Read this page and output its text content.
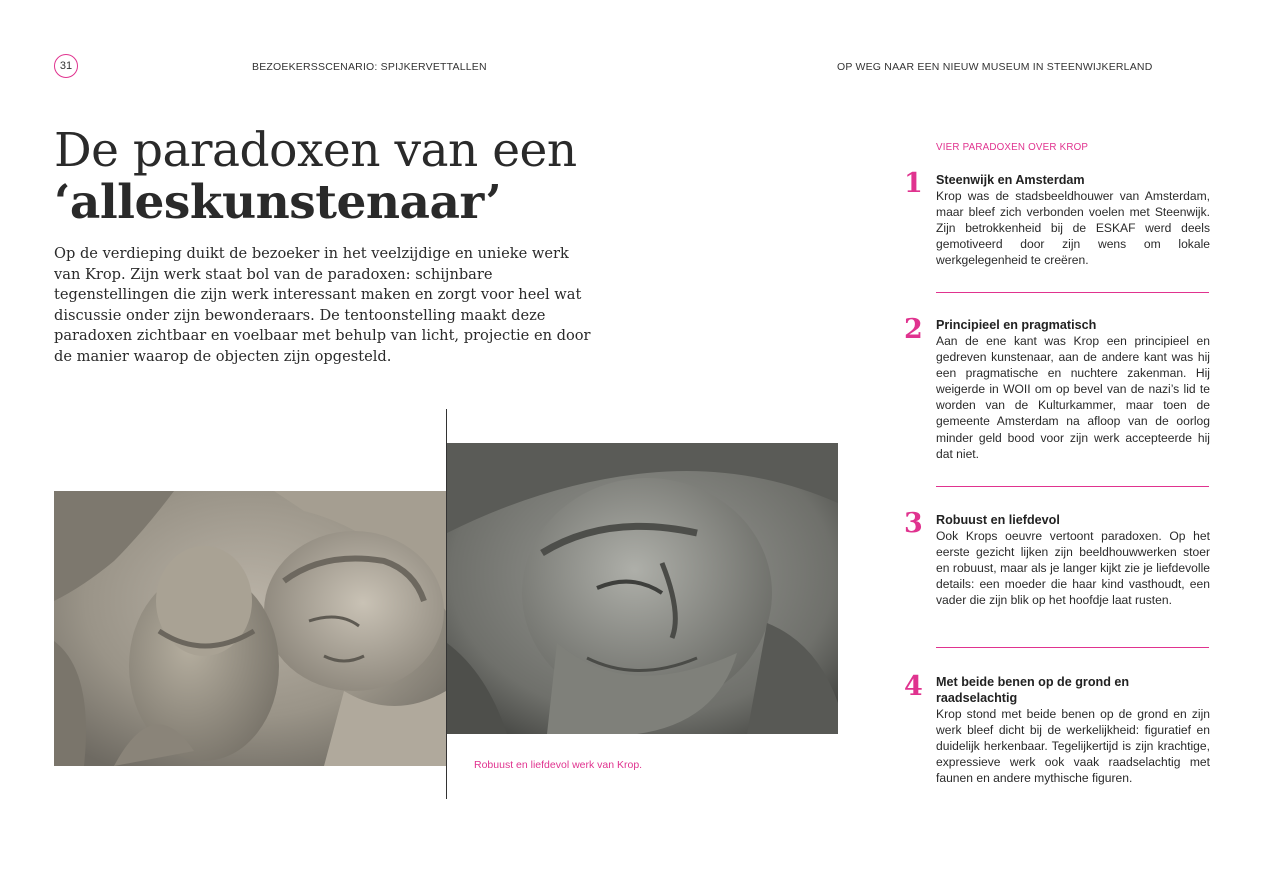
31	BEZOEKERSSCENARIO: SPIJKERVETTALLEN	OP WEG NAAR EEN NIEUW MUSEUM IN STEENWIJKERLAND
De paradoxen van een
‘alleskunstenaar’

Op de verdieping duikt de bezoeker in het veelzijdige en unieke werk van Krop. Zijn werk staat bol van de paradoxen: schijnbare tegenstellingen die zijn werk interessant maken en zorgt voor heel wat discussie onder zijn bewonderaars. De tentoonstelling maakt deze paradoxen zichtbaar en voelbaar met behulp van licht, projectie en door de manier waarop de objecten zijn opgesteld.

Robuust en liefdevol werk van Krop.
VIER PARADOXEN OVER KROP
1 Steenwijk en Amsterdam

Krop was de stadsbeeldhouwer van Amsterdam, maar bleef zich verbonden voelen met Steenwijk. Zijn betrokkenheid bij de ESKAF werd deels gemotiveerd door zijn wens om lokale werkgelegenheid te creëren.

2 Principieel en pragmatisch

Aan de ene kant was Krop een principieel en gedreven kunstenaar, aan de andere kant was hij een pragmatische en nuchtere zakenman. Hij weigerde in WOII om op bevel van de nazi’s lid te worden van de Kulturkammer, maar toen de gemeente Amsterdam na afloop van de oorlog minder geld bood voor zijn werk accepteerde hij dat niet.

3 Robuust en liefdevol

Ook Krops oeuvre vertoont paradoxen. Op het eerste gezicht lijken zijn beeldhouwwerken stoer en robuust, maar als je langer kijkt zie je liefdevolle details: een moeder die haar kind vasthoudt, een vader die zijn blik op het hoofdje laat rusten.

4 Met beide benen op de grond en raadselachtig

Krop stond met beide benen op de grond en zijn werk bleef dicht bij de werkelijkheid: figuratief en duidelijk herkenbaar. Tegelijkertijd is zijn krachtige, expressieve werk ook vaak raadselachtig met faunen en andere mythische figuren.
